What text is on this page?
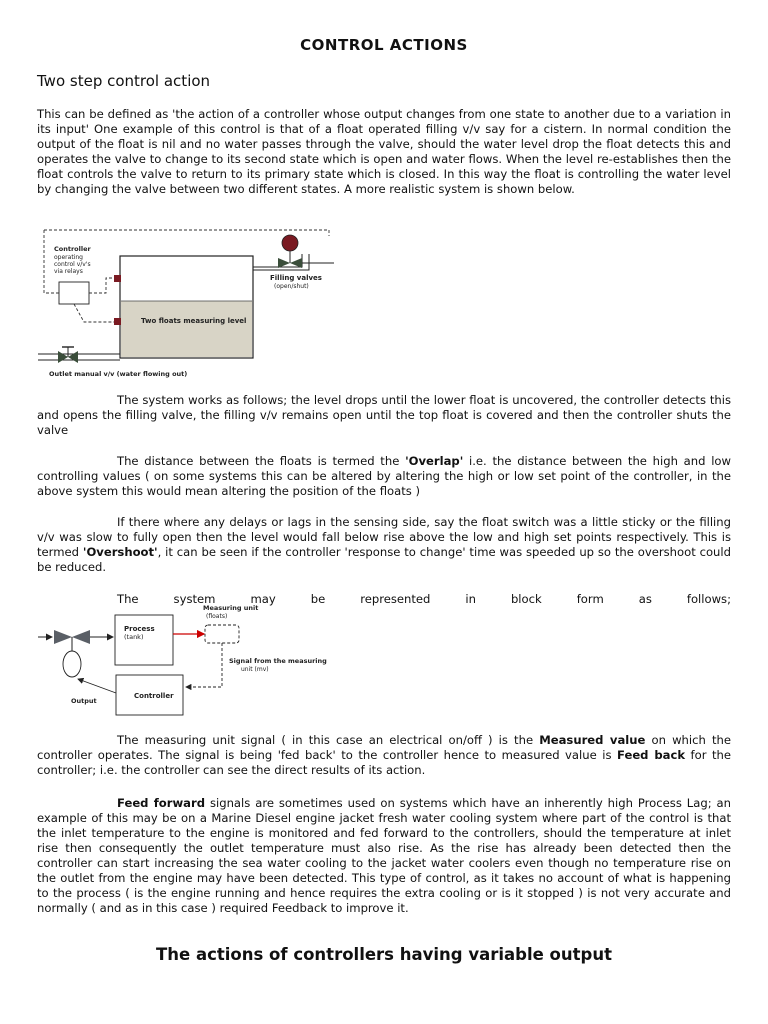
CONTROL ACTIONS
Two step control action
This can be defined as 'the action of a controller whose output changes from one state to another due to a variation in its input' One example of this control is that of a float operated filling v/v say for a cistern. In normal condition the output of the float is nil and no water passes through the valve, should the water level drop the float detects this and operates the valve to change to its second state which is open and water flows. When the level re-establishes then the float controls the valve to return to its primary state which is closed. In this way the float is controlling the water level by changing the valve between two different states. A more realistic system is shown below.
Filling valves
(open/shut)
Two floats measuring level
Controller
operating
control v/v's
via relays
Outlet manual v/v (water flowing out)
The system works as follows; the level drops until the lower float is uncovered, the controller detects this and opens the filling valve, the filling v/v remains open until the top float is covered and then the controller shuts the valve
The distance between the floats is termed the 'Overlap' i.e. the distance between the high and low controlling values ( on some systems this can be altered by altering the high or low set point of the controller, in the above system this would mean altering the position of the floats )
If there where any delays or lags in the sensing side, say the float switch was a little sticky or the filling v/v was slow to fully open then the level would fall below rise above the low and high set points respectively. This is termed 'Overshoot', it can be seen if the controller 'response to change' time was speeded up so the overshoot could be reduced.
The system may be represented in block form as follows;
Process
(tank)
Measuring unit
(floats)
Signal from the measuring
unit (mv)
Controller
Output
The measuring unit signal ( in this case an electrical on/off ) is the Measured value on which the controller operates. The signal is being 'fed back' to the controller hence to measured value is Feed back for the controller; i.e. the controller can see the direct results of its action.
Feed forward signals are sometimes used on systems which have an inherently high Process Lag; an example of this may be on a Marine Diesel engine jacket fresh water cooling system where part of the control is that the inlet temperature to the engine is monitored and fed forward to the controllers, should the temperature at inlet rise then consequently the outlet temperature must also rise. As the rise has already been detected then the controller can start increasing the sea water cooling to the jacket water coolers even though no temperature rise on the outlet from the engine may have been detected. This type of control, as it takes no account of what is happening to the process ( is the engine running and hence requires the extra cooling or is it stopped ) is not very accurate and normally ( and as in this case ) required Feedback to improve it.
The actions of controllers having variable output
